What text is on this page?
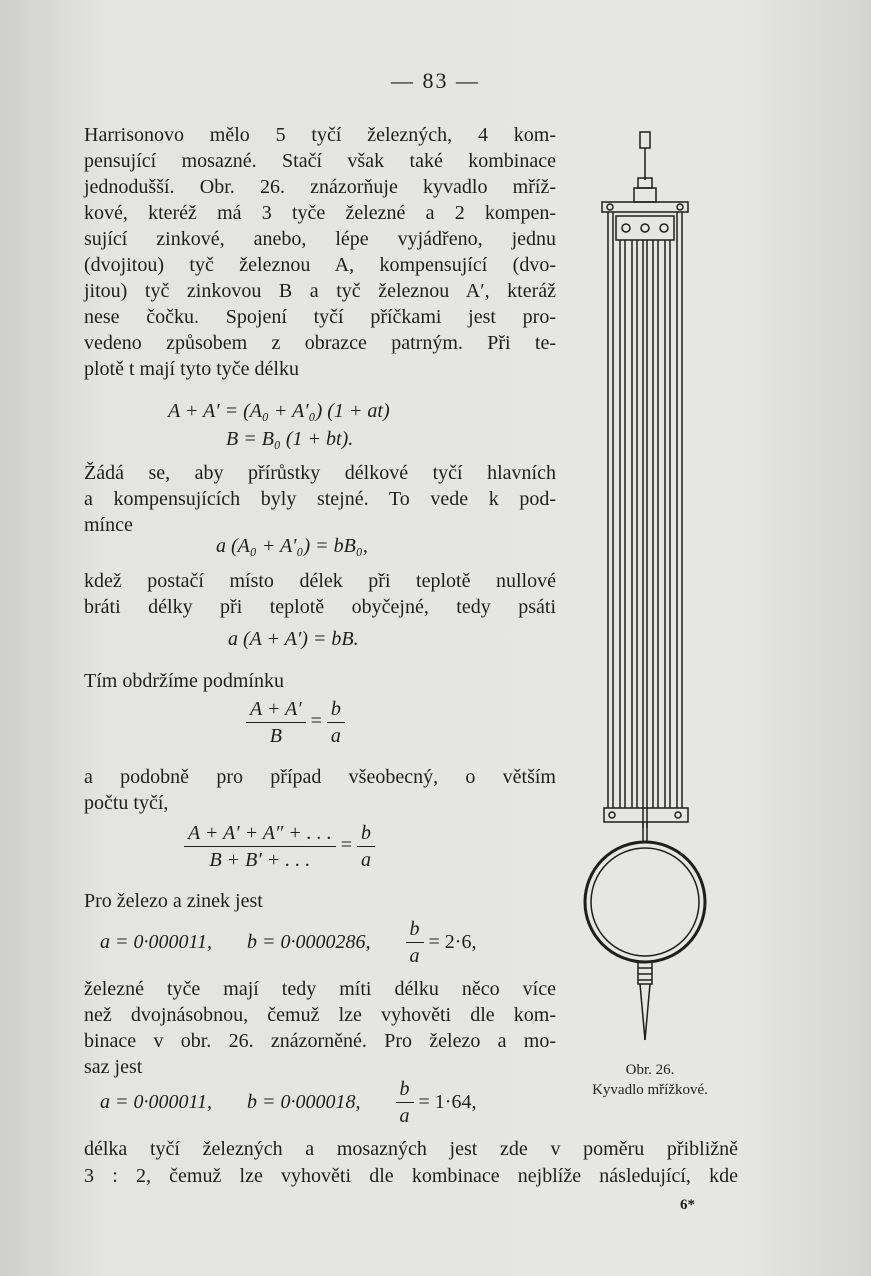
— 83 —
Harrisonovo mělo 5 tyčí železných, 4 kom-
pensující mosazné. Stačí však také kombinace
jednodušší. Obr. 26. znázorňuje kyvadlo mříž-
kové, kteréž má 3 tyče železné a 2 kompen-
sující zinkové, anebo, lépe vyjádřeno, jednu
(dvojitou) tyč železnou A, kompensující (dvo-
jitou) tyč zinkovou B a tyč železnou A′, kteráž
nese čočku. Spojení tyčí příčkami jest pro-
vedeno způsobem z obrazce patrným. Při te-
plotě t mají tyto tyče délku
A + A′ = (A₀ + A′₀) (1 + at)
B = B₀ (1 + bt).
Žádá se, aby přírůstky délkové tyčí hlavních
a kompensujících byly stejné. To vede k pod-
mínce
a (A₀ + A′₀) = bB₀,
kdež postačí místo délek při teplotě nullové
bráti délky při teplotě obyčejné, tedy psáti
a (A + A′) = bB.
Tím obdržíme podmínku
$\frac{A + A'}{B} = \frac{b}{a}$
a podobně pro případ všeobecný, o větším
počtu tyčí,
$\frac{A + A' + A'' + . . .}{B + B' + . . .} = \frac{b}{a}$
Pro železo a zinek jest
a = 0·000011, b = 0·0000286, $\frac{b}{a} = 2\cdot 6$,
železné tyče mají tedy míti délku něco více
než dvojnásobnou, čemuž lze vyhověti dle kom-
binace v obr. 26. znázorněné. Pro železo a mo-
saz jest
a = 0·000011, b = 0·000018, $\frac{b}{a} = 1\cdot 64$,
délka tyčí železných a mosazných jest zde v poměru přibližně
3 : 2, čemuž lze vyhověti dle kombinace nejblíže následující, kde
6*
Obr. 26.
Kyvadlo mřížkové.
